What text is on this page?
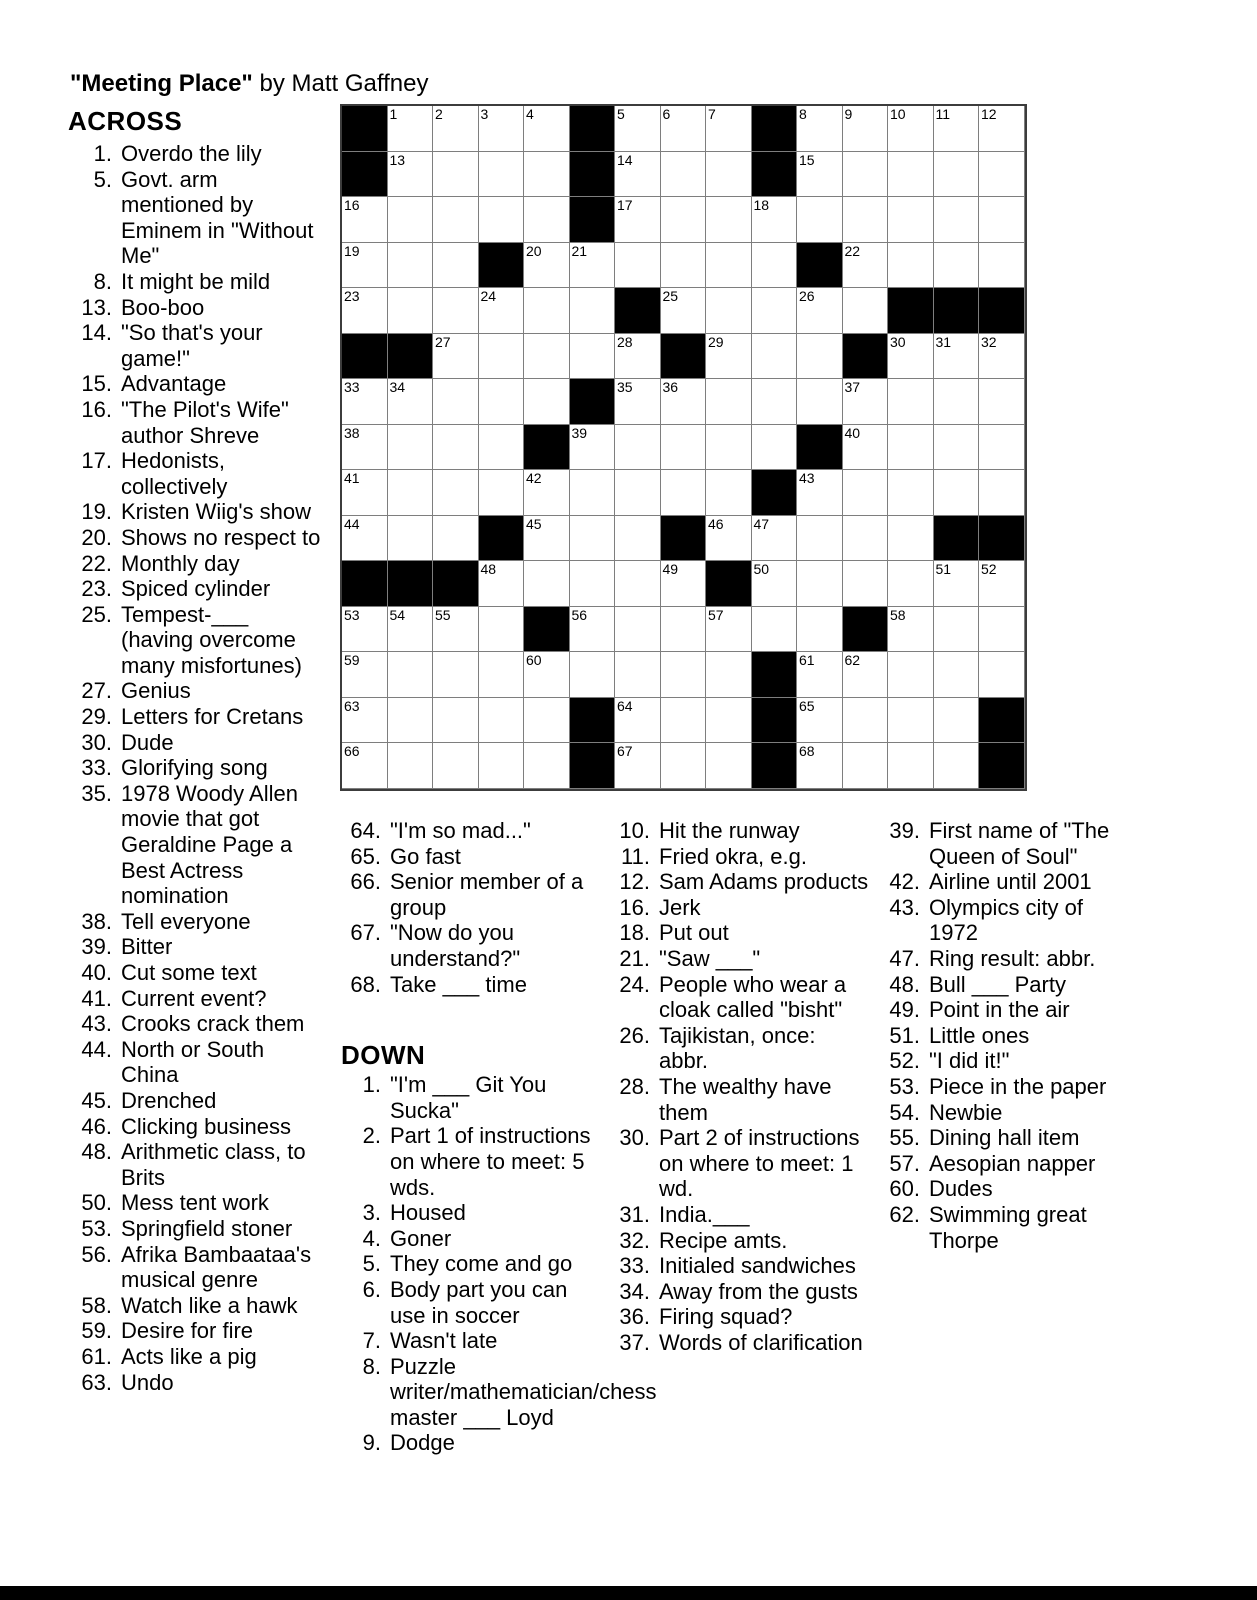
"Meeting Place" by Matt Gaffney
1	2	3	4	5	6	7	8	9	10 11 12
13	14	15
16	17	18
19	20 21	22
23	24	25	26
27	28	29	30 31 32
33 34	35 36	37
38	39	40
41	42	43
44	45	46 47
48	49	50	51 52
53 54 55	56	57	58
59	60	61 62
63	64	65
66	67	68
ACROSS
1. Overdo the lily
5. Govt. arm mentioned by Eminem in "Without Me"
8. It might be mild
13. Boo-boo
14. "So that's your game!"
15. Advantage
16. "The Pilot's Wife" author Shreve
17. Hedonists, collectively
19. Kristen Wiig's show
20. Shows no respect to
22. Monthly day
23. Spiced cylinder
25. Tempest-___ (having overcome many misfortunes)
27. Genius
29. Letters for Cretans
30. Dude
33. Glorifying song
35. 1978 Woody Allen movie that got Geraldine Page a Best Actress nomination
38. Tell everyone
39. Bitter
40. Cut some text
41. Current event?
43. Crooks crack them
44. North or South China
45. Drenched
46. Clicking business
48. Arithmetic class, to Brits
50. Mess tent work
53. Springfield stoner
56. Afrika Bambaataa's musical genre
58. Watch like a hawk
59. Desire for fire
61. Acts like a pig
63. Undo
64. "I'm so mad..."
65. Go fast
66. Senior member of a group
67. "Now do you understand?"
68. Take ___ time
DOWN
1. "I'm ___ Git You Sucka"
2. Part 1 of instructions on where to meet: 5 wds.
3. Housed
4. Goner
5. They come and go
6. Body part you can use in soccer
7. Wasn't late
8. Puzzle writer/⁠mathematician/⁠chess master ___ Loyd
9. Dodge
10. Hit the runway
11. Fried okra, e.g.
12. Sam Adams products
16. Jerk
18. Put out
21. "Saw ___"
24. People who wear a cloak called "bisht"
26. Tajikistan, once: abbr.
28. The wealthy have them
30. Part 2 of instructions on where to meet: 1 wd.
31. India.___
32. Recipe amts.
33. Initialed sandwiches
34. Away from the gusts
36. Firing squad?
37. Words of clarification
39. First name of "The Queen of Soul"
42. Airline until 2001
43. Olympics city of 1972
47. Ring result: abbr.
48. Bull ___ Party
49. Point in the air
51. Little ones
52. "I did it!"
53. Piece in the paper
54. Newbie
55. Dining hall item
57. Aesopian napper
60. Dudes
62. Swimming great Thorpe
